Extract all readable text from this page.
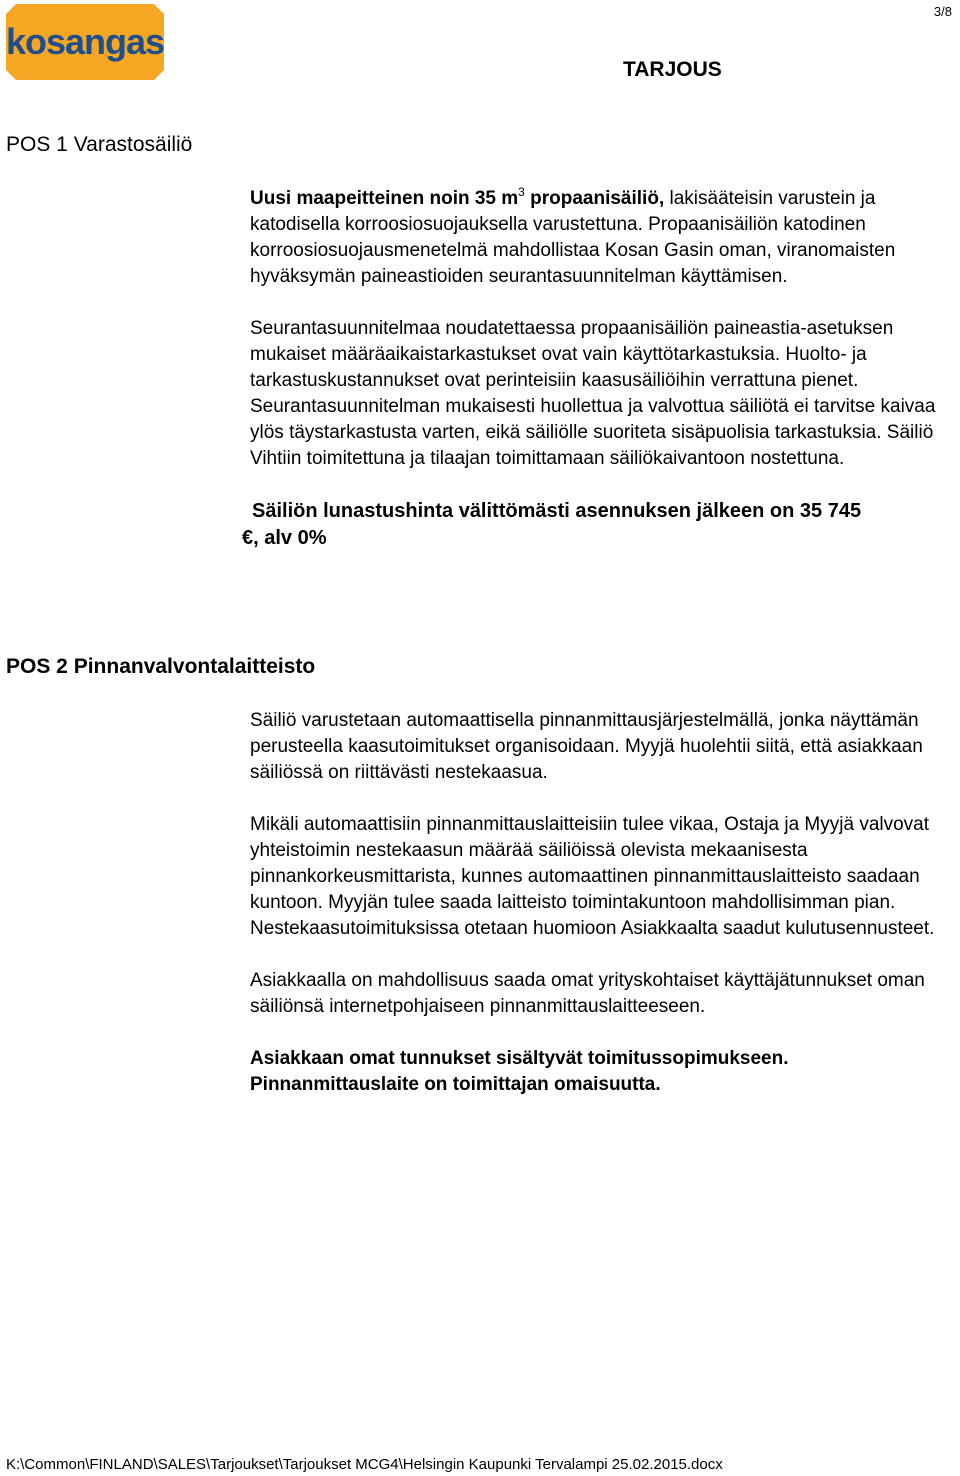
kosangas
3/8
TARJOUS
POS 1 Varastosäiliö

Uusi maapeitteinen noin 35 $m^3$ propaanisäiliö, lakisääteisin varustein ja katodisella korroosiosuojauksella varustettuna. Propaanisäiliön katodinen korroosiosuojausmenetelmä mahdollistaa Kosan Gasin oman, viranomaisten hyväksymän paineastioiden seurantasuunnitelman käyttämisen.

Seurantasuunnitelmaa noudatettaessa propaanisäiliön paineastia-asetuksen mukaiset määräaikaistarkastukset ovat vain käyttötarkastuksia. Huolto- ja tarkastuskustannukset ovat perinteisiin kaasusäiliöihin verrattuna pienet. Seurantasuunnitelman mukaisesti huollettua ja valvottua säiliötä ei tarvitse kaivaa ylös täystarkastusta varten, eikä säiliölle suoriteta sisäpuolisia tarkastuksia. Säiliö Vihtiin toimitettuna ja tilaajan toimittamaan säiliökaivantoon nostettuna.

Säiliön lunastushinta välittömästi asennuksen jälkeen on 35 745
€, alv 0%
POS 2 Pinnanvalvontalaitteisto

Säiliö varustetaan automaattisella pinnanmittausjärjestelmällä, jonka näyttämän perusteella kaasutoimitukset organisoidaan. Myyjä huolehtii siitä, että asiakkaan säiliössä on riittävästi nestekaasua.

Mikäli automaattisiin pinnanmittauslaitteisiin tulee vikaa, Ostaja ja Myyjä valvovat yhteistoimin nestekaasun määrää säiliöissä olevista mekaanisesta pinnankorkeusmittarista, kunnes automaattinen pinnanmittauslaitteisto saadaan kuntoon. Myyjän tulee saada laitteisto toimintakuntoon mahdollisimman pian. Nestekaasutoimituksissa otetaan huomioon Asiakkaalta saadut kulutusennusteet.

Asiakkaalla on mahdollisuus saada omat yrityskohtaiset käyttäjätunnukset oman säiliönsä internetpohjaiseen pinnanmittauslaitteeseen.

Asiakkaan omat tunnukset sisältyvät toimitussopimukseen. Pinnanmittauslaite on toimittajan omaisuutta.

K:\Common\FINLAND\SALES\Tarjoukset\Tarjoukset MCG4\Helsingin Kaupunki Tervalampi 25.02.2015.docx
